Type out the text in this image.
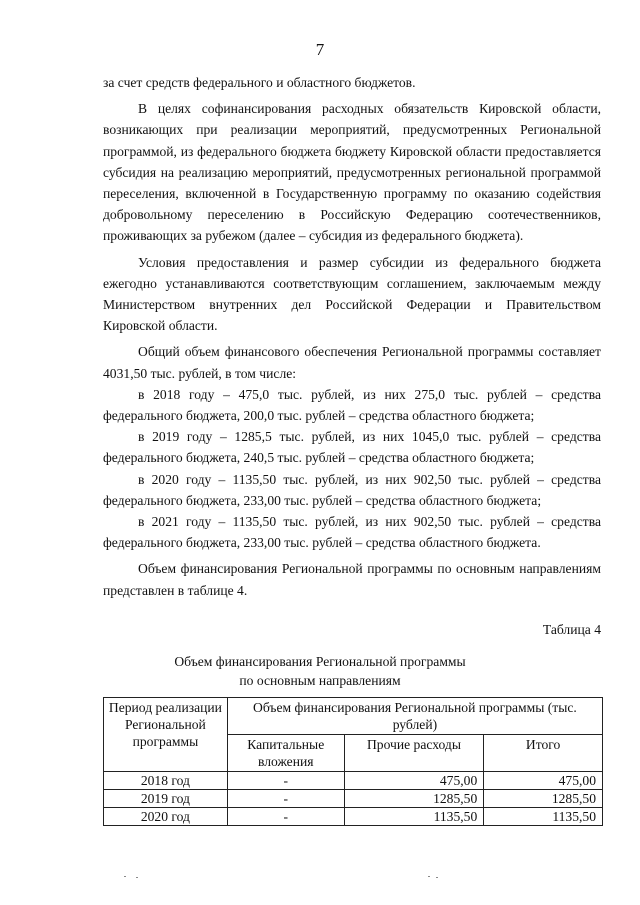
7

за счет средств федерального и областного бюджетов.

В целях софинансирования расходных обязательств Кировской области, возникающих при реализации мероприятий, предусмотренных Региональной программой, из федерального бюджета бюджету Кировской области предоставляется субсидия на реализацию мероприятий, предусмотренных региональной программой переселения, включенной в Государственную программу по оказанию содействия добровольному переселению в Российскую Федерацию соотечественников, проживающих за рубежом (далее – субсидия из федерального бюджета).

Условия предоставления и размер субсидии из федерального бюджета ежегодно устанавливаются соответствующим соглашением, заключаемым между Министерством внутренних дел Российской Федерации и Правительством Кировской области.

Общий объем финансового обеспечения Региональной программы составляет 4031,50 тыс. рублей, в том числе:

в 2018 году – 475,0 тыс. рублей, из них 275,0 тыс. рублей – средства федерального бюджета, 200,0 тыс. рублей – средства областного бюджета;

в 2019 году – 1285,5 тыс. рублей, из них 1045,0 тыс. рублей – средства федерального бюджета, 240,5 тыс. рублей – средства областного бюджета;

в 2020 году – 1135,50 тыс. рублей, из них 902,50 тыс. рублей – средства федерального бюджета, 233,00 тыс. рублей – средства областного бюджета;

в 2021 году – 1135,50 тыс. рублей, из них 902,50 тыс. рублей – средства федерального бюджета, 233,00 тыс. рублей – средства областного бюджета.

Объем финансирования Региональной программы по основным направлениям представлен в таблице 4.

Таблица 4
Объем финансирования Региональной программы
по основным направлениям
Период реализации Региональной программы	Объем финансирования Региональной программы (тыс. рублей)		
	Капитальные вложения	Прочие расходы	Итого
2018 год	-	475,00	475,00
2019 год	-	1285,50	1285,50
2020 год	-	1135,50	1135,50
